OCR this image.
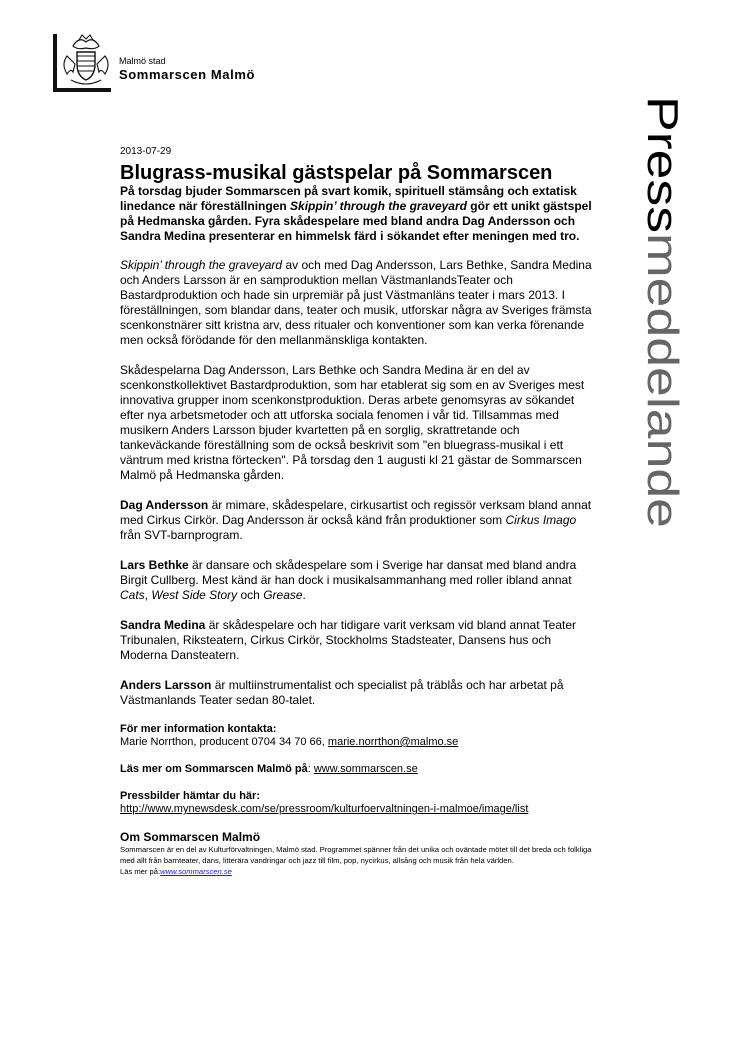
Malmö stad
Sommarscen Malmö
Pressmeddelande
2013-07-29
Blugrass-musikal gästspelar på Sommarscen
På torsdag bjuder Sommarscen på svart komik, spirituell stämsång och extatisk linedance när föreställningen Skippin’ through the graveyard gör ett unikt gästspel på Hedmanska gården. Fyra skådespelare med bland andra Dag Andersson och Sandra Medina presenterar en himmelsk färd i sökandet efter meningen med tro.

Skippin’ through the graveyard av och med Dag Andersson, Lars Bethke, Sandra Medina och Anders Larsson är en samproduktion mellan VästmanlandsTeater och Bastardproduktion och hade sin urpremiär på just Västmanläns teater i mars 2013. I föreställningen, som blandar dans, teater och musik, utforskar några av Sveriges främsta scenkonstnärer sitt kristna arv, dess ritualer och konventioner som kan verka förenande men också förödande för den mellanmänskliga kontakten.

Skådespelarna Dag Andersson, Lars Bethke och Sandra Medina är en del av scenkonstkollektivet Bastardproduktion, som har etablerat sig som en av Sveriges mest innovativa grupper inom scenkonstproduktion. Deras arbete genomsyras av sökandet efter nya arbetsmetoder och att utforska sociala fenomen i vår tid. Tillsammas med musikern Anders Larsson bjuder kvartetten på en sorglig, skrattretande och tankeväckande föreställning som de också beskrivit som "en bluegrass-musikal i ett väntrum med kristna förtecken". På torsdag den 1 augusti kl 21 gästar de Sommarscen Malmö på Hedmanska gården.

Dag Andersson är mimare, skådespelare, cirkusartist och regissör verksam bland annat med Cirkus Cirkör. Dag Andersson är också känd från produktioner som Cirkus Imago från SVT-barnprogram.

Lars Bethke är dansare och skådespelare som i Sverige har dansat med bland andra Birgit Cullberg. Mest känd är han dock i musikalsammanhang med roller ibland annat Cats, West Side Story och Grease.

Sandra Medina är skådespelare och har tidigare varit verksam vid bland annat Teater Tribunalen, Riksteatern, Cirkus Cirkör, Stockholms Stadsteater, Dansens hus och Moderna Dansteatern.

Anders Larsson är multiinstrumentalist och specialist på träblås och har arbetat på Västmanlands Teater sedan 80-talet.

För mer information kontakta:
Marie Norrthon, producent 0704 34 70 66, marie.norrthon@malmo.se
Läs mer om Sommarscen Malmö på: www.sommarscen.se
Pressbilder hämtar du här:
http://www.mynewsdesk.com/se/pressroom/kulturfoervaltningen-i-malmoe/image/list
Om Sommarscen Malmö
Sommarscen är en del av Kulturförvaltningen, Malmö stad. Programmet spänner från det unika och oväntade mötet till det breda och folkliga med allt från barnteater, dans, litterära vandringar och jazz till film, pop, nycirkus, allsång och musik från hela världen.
Läs mer på:www.sommarscen.se
